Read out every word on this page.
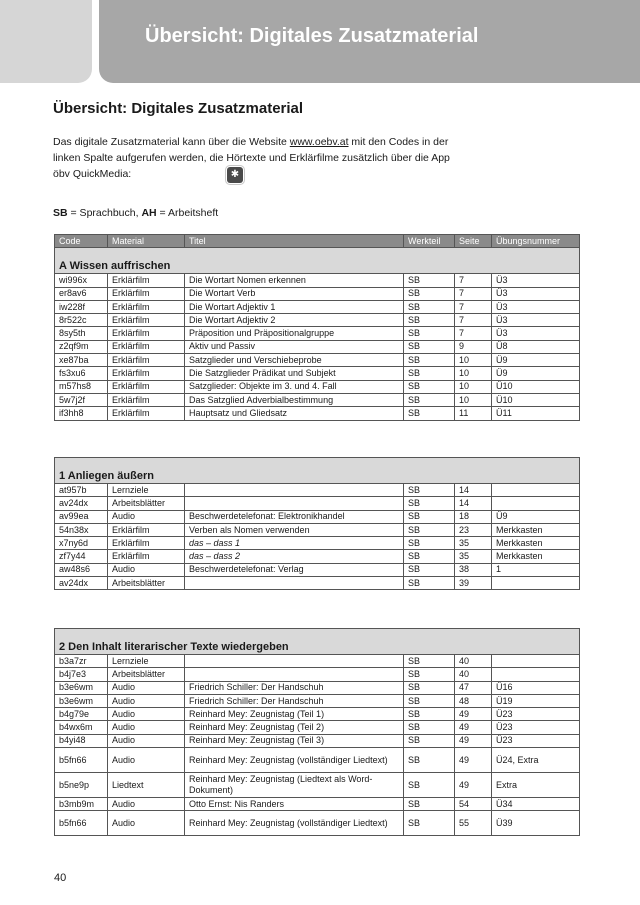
Übersicht: Digitales Zusatzmaterial
Übersicht: Digitales Zusatzmaterial
Das digitale Zusatzmaterial kann über die Website www.oebv.at mit den Codes in der linken Spalte aufgerufen werden, die Hörtexte und Erklärfilme zusätzlich über die App öbv QuickMedia:	✱
SB = Sprachbuch, AH = Arbeitsheft
Code	Material	Titel	Werkteil	Seite	Übungsnummer
A Wissen auffrischen					
wi996x	Erklärfilm	Die Wortart Nomen erkennen	SB	7	Ü3
er8av6	Erklärfilm	Die Wortart Verb	SB	7	Ü3
iw228f	Erklärfilm	Die Wortart Adjektiv 1	SB	7	Ü3
8r522c	Erklärfilm	Die Wortart Adjektiv 2	SB	7	Ü3
8sy5th	Erklärfilm	Präposition und Präpositionalgruppe	SB	7	Ü3
z2qf9m	Erklärfilm	Aktiv und Passiv	SB	9	Ü8
xe87ba	Erklärfilm	Satzglieder und Verschiebeprobe	SB	10	Ü9
fs3xu6	Erklärfilm	Die Satzglieder Prädikat und Subjekt	SB	10	Ü9
m57hs8	Erklärfilm	Satzglieder: Objekte im 3. und 4. Fall	SB	10	Ü10
5w7j2f	Erklärfilm	Das Satzglied Adverbialbestimmung	SB	10	Ü10
if3hh8	Erklärfilm	Hauptsatz und Gliedsatz	SB	11	Ü11
1 Anliegen äußern					
at957b	Lernziele		SB	14	
av24dx	Arbeitsblätter		SB	14	
av99ea	Audio	Beschwerdetelefonat: Elektronikhandel	SB	18	Ü9
54n38x	Erklärfilm	Verben als Nomen verwenden	SB	23	Merkkasten
x7ny6d	Erklärfilm	das – dass 1	SB	35	Merkkasten
zf7y44	Erklärfilm	das – dass 2	SB	35	Merkkasten
aw48s6	Audio	Beschwerdetelefonat: Verlag	SB	38	1
av24dx	Arbeitsblätter		SB	39	
2 Den Inhalt literarischer Texte wiedergeben					
b3a7zr	Lernziele		SB	40	
b4j7e3	Arbeitsblätter		SB	40	
b3e6wm	Audio	Friedrich Schiller: Der Handschuh	SB	47	Ü16
b3e6wm	Audio	Friedrich Schiller: Der Handschuh	SB	48	Ü19
b4g79e	Audio	Reinhard Mey: Zeugnistag (Teil 1)	SB	49	Ü23
b4wx6m	Audio	Reinhard Mey: Zeugnistag (Teil 2)	SB	49	Ü23
b4yi48	Audio	Reinhard Mey: Zeugnistag (Teil 3)	SB	49	Ü23
b5fn66	Audio	Reinhard Mey: Zeugnistag (vollständiger Liedtext)	SB	49	Ü24, Extra
b5ne9p	Liedtext	Reinhard Mey: Zeugnistag (Liedtext als Word-Dokument)	SB	49	Extra
b3mb9m	Audio	Otto Ernst: Nis Randers	SB	54	Ü34
b5fn66	Audio	Reinhard Mey: Zeugnistag (vollständiger Liedtext)	SB	55	Ü39
40
